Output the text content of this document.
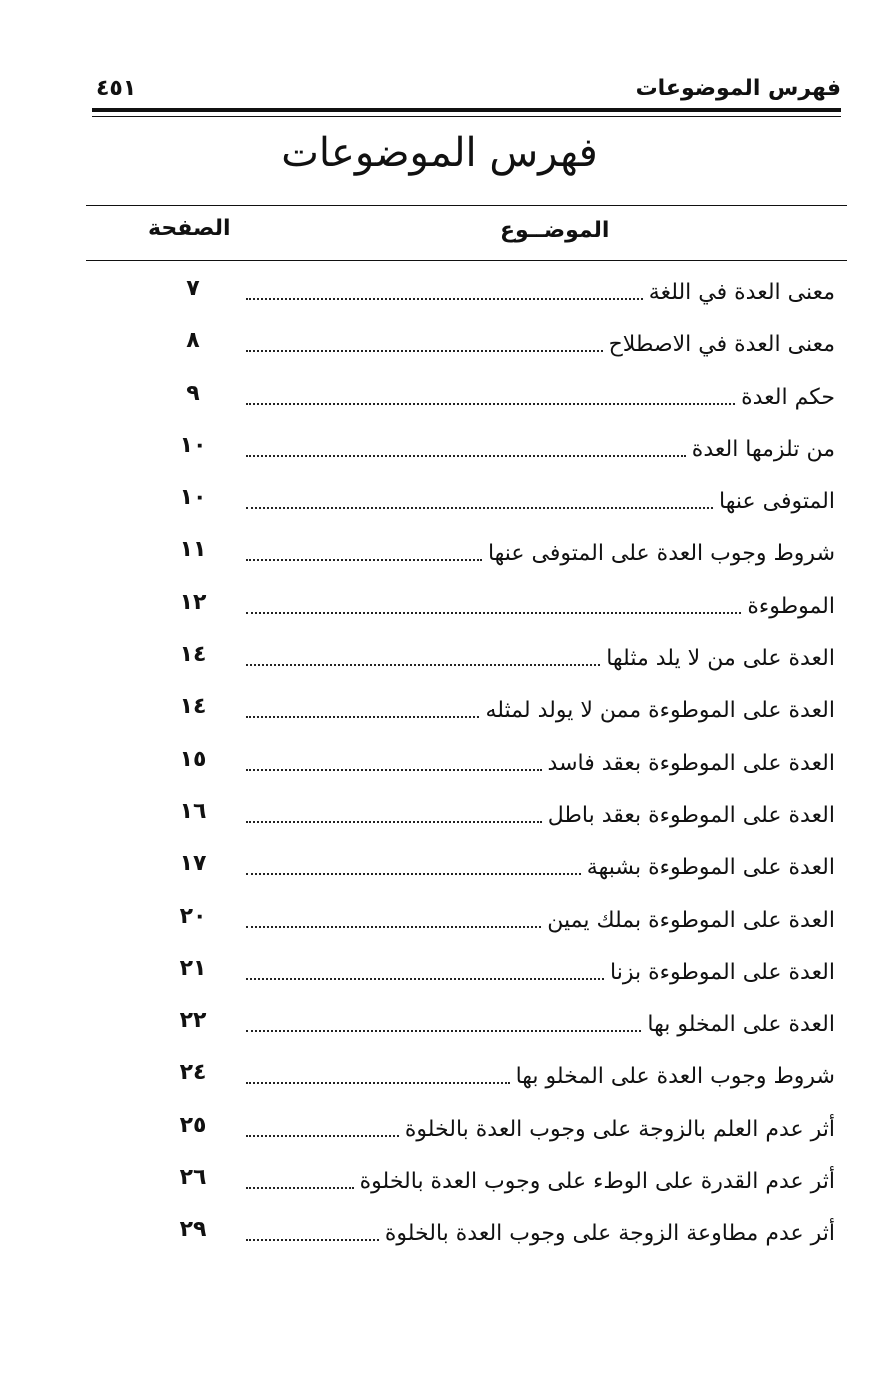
فهرس الموضوعات
٤٥١
فهرس الموضوعات
الموضــوع
الصفحة
معنى العدة في اللغة
٧
معنى العدة في الاصطلاح
٨
حكم العدة
٩
من تلزمها العدة
١٠
المتوفى عنها
١٠
شروط وجوب العدة على المتوفى عنها
١١
الموطوءة
١٢
العدة على من لا يلد مثلها
١٤
العدة على الموطوءة ممن لا يولد لمثله
١٤
العدة على الموطوءة بعقد فاسد
١٥
العدة على الموطوءة بعقد باطل
١٦
العدة على الموطوءة بشبهة
١٧
العدة على الموطوءة بملك يمين
٢٠
العدة على الموطوءة بزنا
٢١
العدة على المخلو بها
٢٢
شروط وجوب العدة على المخلو بها
٢٤
أثر عدم العلم بالزوجة على وجوب العدة بالخلوة
٢٥
أثر عدم القدرة على الوطء على وجوب العدة بالخلوة
٢٦
أثر عدم مطاوعة الزوجة على وجوب العدة بالخلوة
٢٩
